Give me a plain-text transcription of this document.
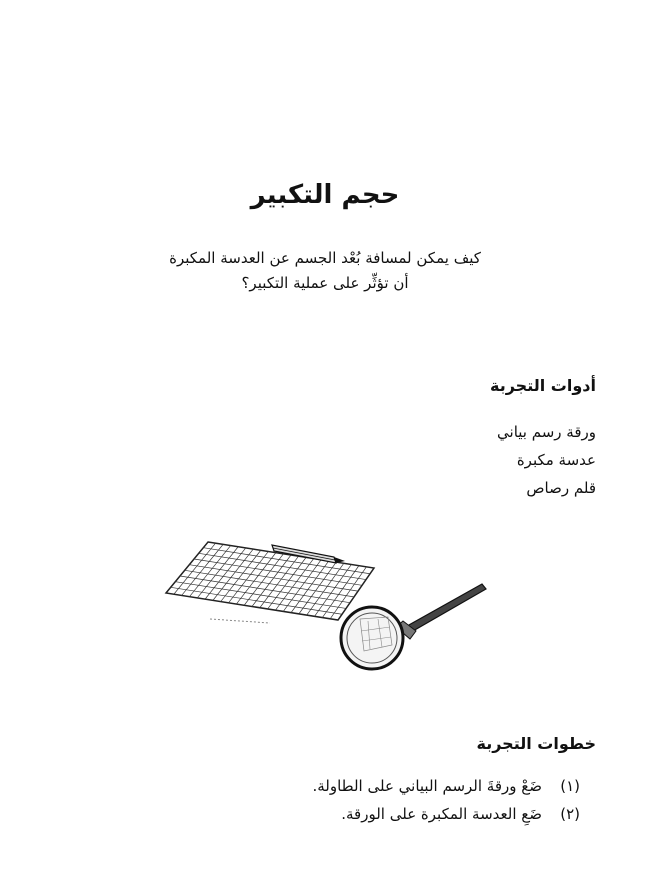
حجم التكبير
كيف يمكن لمسافة بُعْد الجسم عن العدسة المكبرة
أن تؤثِّر على عملية التكبير؟
أدوات التجربة
ورقة رسم بياني
عدسة مكبرة
قلم رصاص
خطوات التجربة
(١)
ضَعْ ورقةَ الرسم البياني على الطاولة.
(٢)
ضَعِ العدسة المكبرة على الورقة.
